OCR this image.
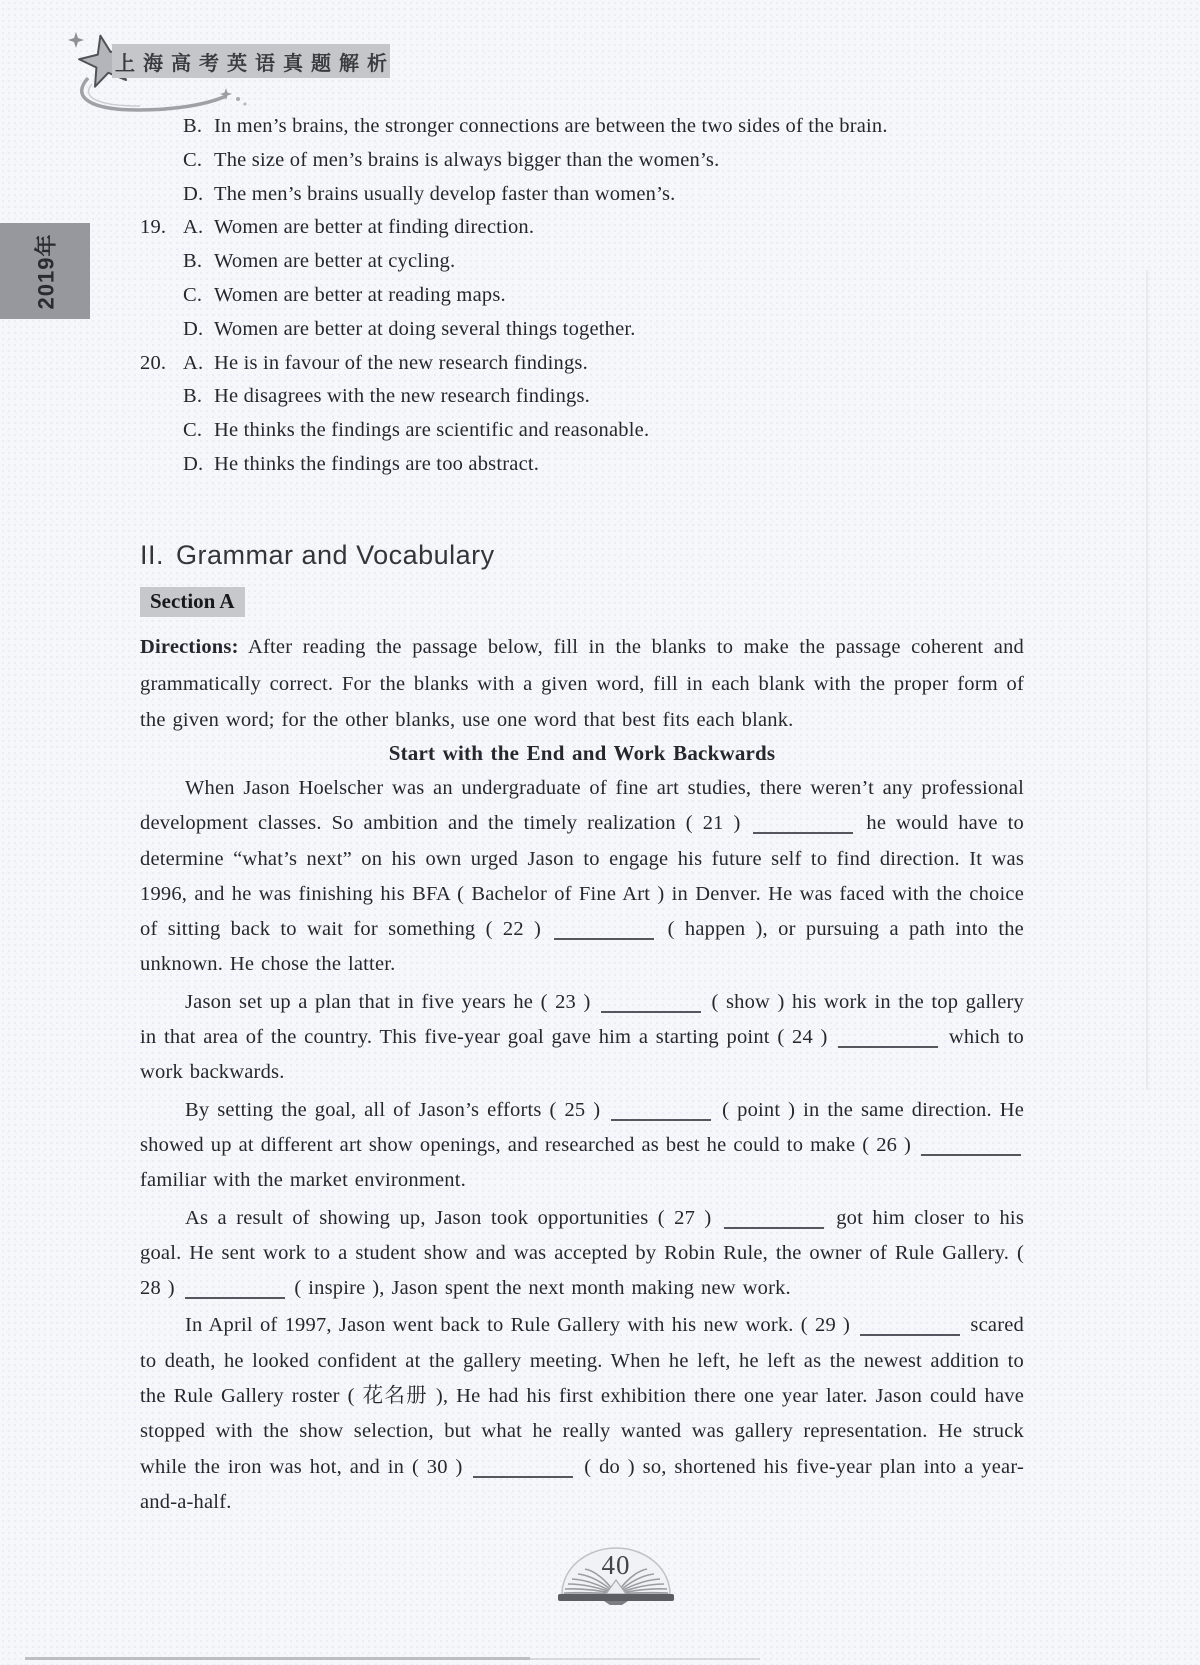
上海高考英语真题解析
2019年
B. In men’s brains, the stronger connections are between the two sides of the brain.
C. The size of men’s brains is always bigger than the women’s.
D. The men’s brains usually develop faster than women’s.
19. A. Women are better at finding direction.
B. Women are better at cycling.
C. Women are better at reading maps.
D. Women are better at doing several things together.
20. A. He is in favour of the new research findings.
B. He disagrees with the new research findings.
C. He thinks the findings are scientific and reasonable.
D. He thinks the findings are too abstract.
II. Grammar and Vocabulary
Section A

Directions: After reading the passage below, fill in the blanks to make the passage coherent and grammatically correct. For the blanks with a given word, fill in each blank with the proper form of the given word; for the other blanks, use one word that best fits each blank.

Start with the End and Work Backwards

When Jason Hoelscher was an undergraduate of fine art studies, there weren’t any professional development classes. So ambition and the timely realization ( 21 )	he would have to determine “what’s next” on his own urged Jason to engage his future self to find direction. It was 1996, and he was finishing his BFA ( Bachelor of Fine Art ) in Denver. He was faced with the choice of sitting back to wait for something ( 22 )	( happen ), or pursuing a path into the unknown. He chose the latter.

Jason set up a plan that in five years he ( 23 )	( show ) his work in the top gallery in that area of the country. This five-year goal gave him a starting point ( 24 )	which to work backwards.

By setting the goal, all of Jason’s efforts ( 25 )	( point ) in the same direction. He showed up at different art show openings, and researched as best he could to make ( 26 )  familiar with the market environment.

As a result of showing up, Jason took opportunities ( 27 )	got him closer to his goal. He sent work to a student show and was accepted by Robin Rule, the owner of Rule Gallery. ( 28 )	( inspire ), Jason spent the next month making new work.

In April of 1997, Jason went back to Rule Gallery with his new work. ( 29 )	scared to death, he looked confident at the gallery meeting. When he left, he left as the newest addition to the Rule Gallery roster ( 花名册 ), He had his first exhibition there one year later. Jason could have stopped with the show selection, but what he really wanted was gallery representation. He struck while the iron was hot, and in ( 30 )	( do ) so, shortened his five-year plan into a year-and-a-half.

40
